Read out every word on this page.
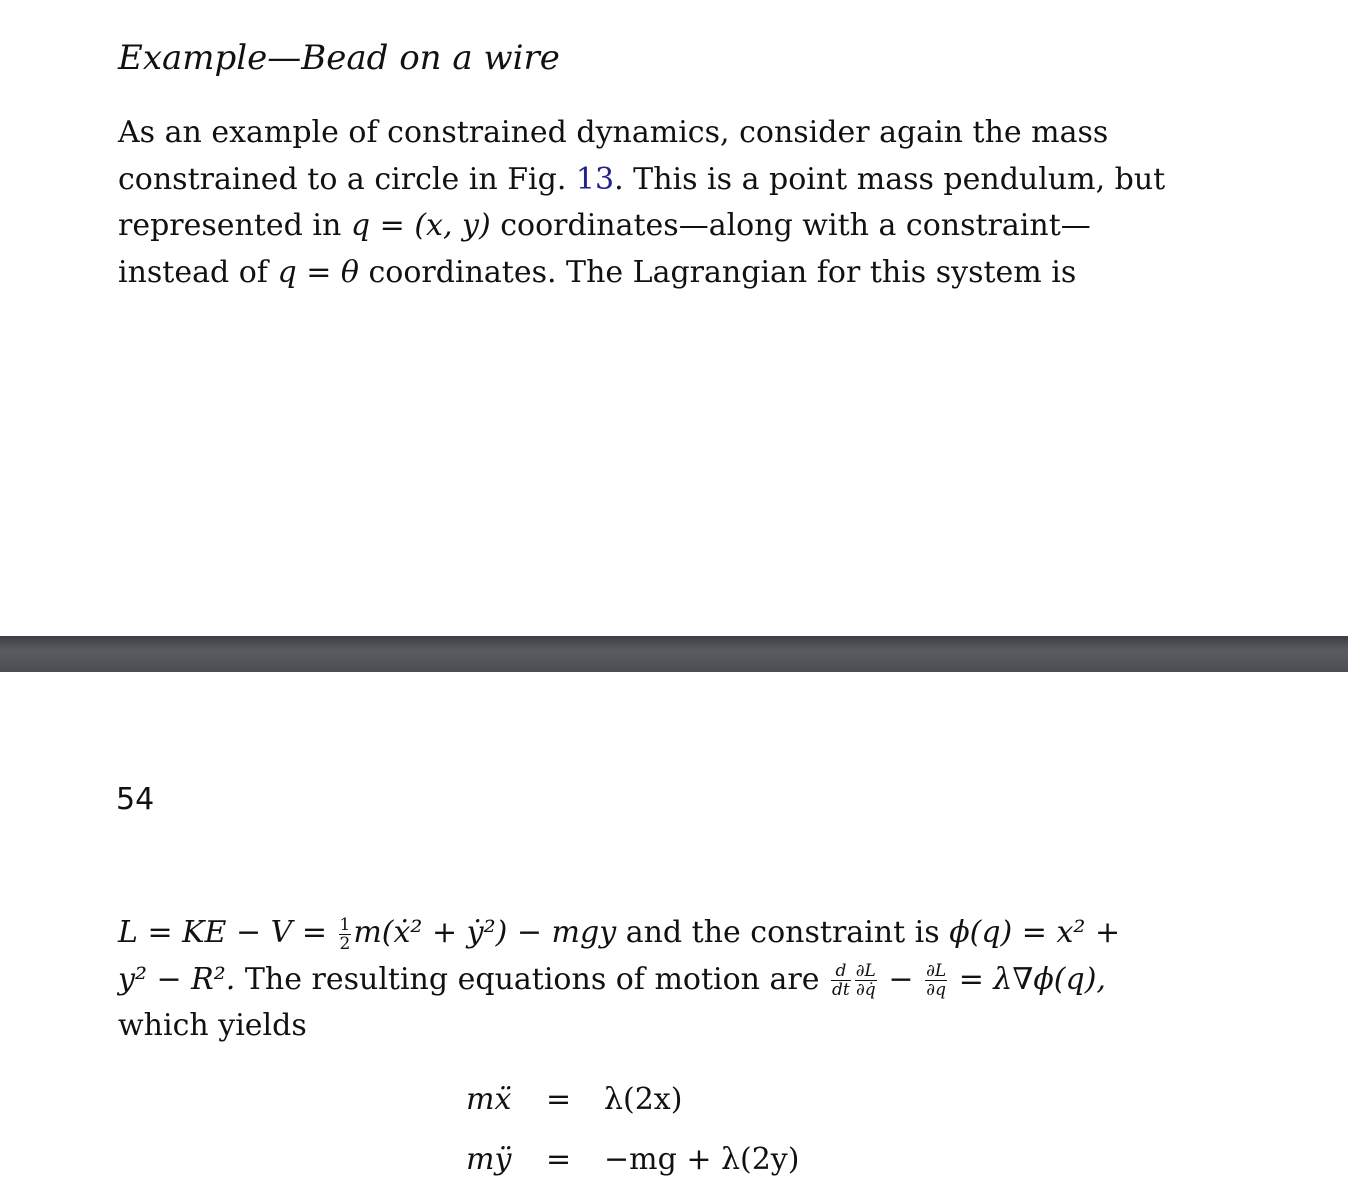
Example—Bead on a wire
As an example of constrained dynamics, consider again the mass
constrained to a circle in Fig. 13. This is a point mass pendulum, but
represented in q = (x, y) coordinates—along with a constraint—
instead of q = θ coordinates. The Lagrangian for this system is
54
L = KE − $V = \frac{1}{2}$ m(ẋ² + ẏ²) − mgy and the constraint is ϕ(q) = x² +
y² − R². The resulting equations of motion are $\frac{d}{dt} \frac{\partial L}{\partial q̇} - \frac{\partial L}{\partial q} = \lambda\nabla\phi(q)$,
which yields
mẍ = λ(2x)
mÿ = −mg + λ(2y)
